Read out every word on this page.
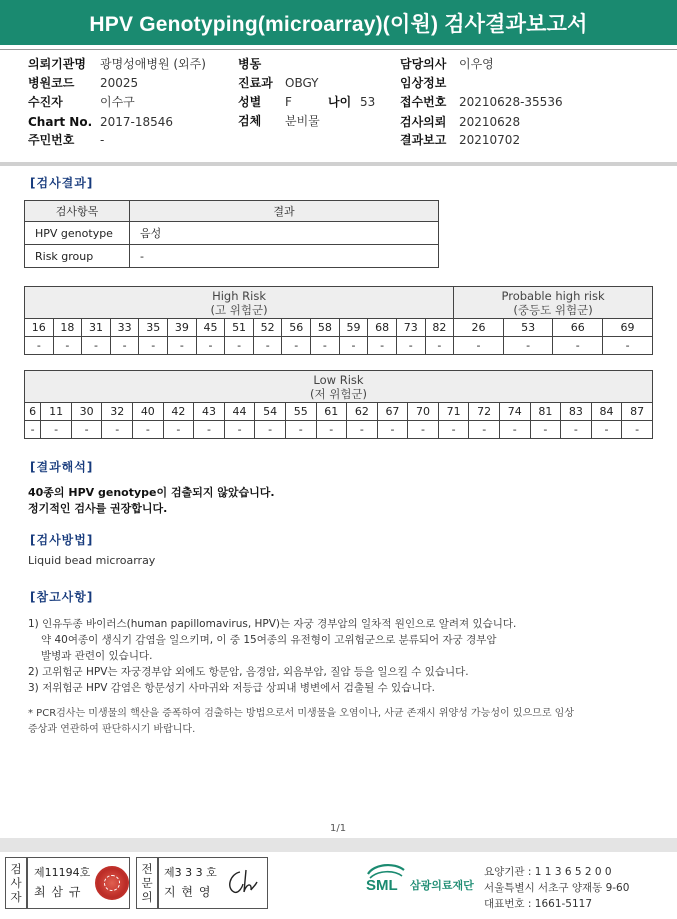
HPV Genotyping(microarray)(이원) 검사결과보고서
의뢰기관명 광명성애병원 (외주)
병원코드 20025
수진자	이수구
Chart No. 2017-18546
주민번호 -
병동
진료과 OBGY
성별 F	나이 53
검체 분비물
담당의사 이우영
임상정보
접수번호 20210628-35536
검사의뢰 20210628
결과보고 20210702
[검사결과]
검사항목	결과
HPV genotype	음성
Risk group	-
High Risk
(고 위험군)															Probable high risk
(중등도 위험군)			
16	18	31	33	35	39	45	51	52	56	58	59	68	73	82	26	53	66	69
-	-	-	-	-	-	-	-	-	-	-	-	-	-	-	-	-	-	-
Low Risk
(저 위험군)																				
6	11	30	32	40	42	43	44	54	55	61	62	67	70	71	72	74	81	83	84	87
-	-	-	-	-	-	-	-	-	-	-	-	-	-	-	-	-	-	-	-	-
[결과해석]
40종의 HPV genotype이 검출되지 않았습니다.
정기적인 검사를 권장합니다.
[검사방법]
Liquid bead microarray
[참고사항]
1) 인유두종 바이러스(human papillomavirus, HPV)는 자궁 경부암의 일차적 원인으로 알려져 있습니다.
약 40여종이 생식기 감염을 일으키며, 이 중 15여종의 유전형이 고위험군으로 분류되어 자궁 경부암
발병과 관련이 있습니다.
2) 고위험군 HPV는 자궁경부암 외에도 항문암, 음경암, 외음부암, 질암 등을 일으킬 수 있습니다.
3) 저위험군 HPV 감염은 항문성기 사마귀와 저등급 상피내 병변에서 검출될 수 있습니다.
* PCR검사는 미생물의 핵산을 증폭하여 검출하는 방법으로서 미생물을 오염이나, 사균 존재시 위양성 가능성이 있으므로 임상
증상과 연관하여 판단하시기 바랍니다.
1/1
검
사
자
제11194호
최 삼 규
전
문
의
제3 3 3 호
지 현 영	SML 삼광의료재단
요양기관 : 1 1 3 6 5 2 0 0
서울특별시 서초구 양재동 9-60
대표번호 : 1661-5117
